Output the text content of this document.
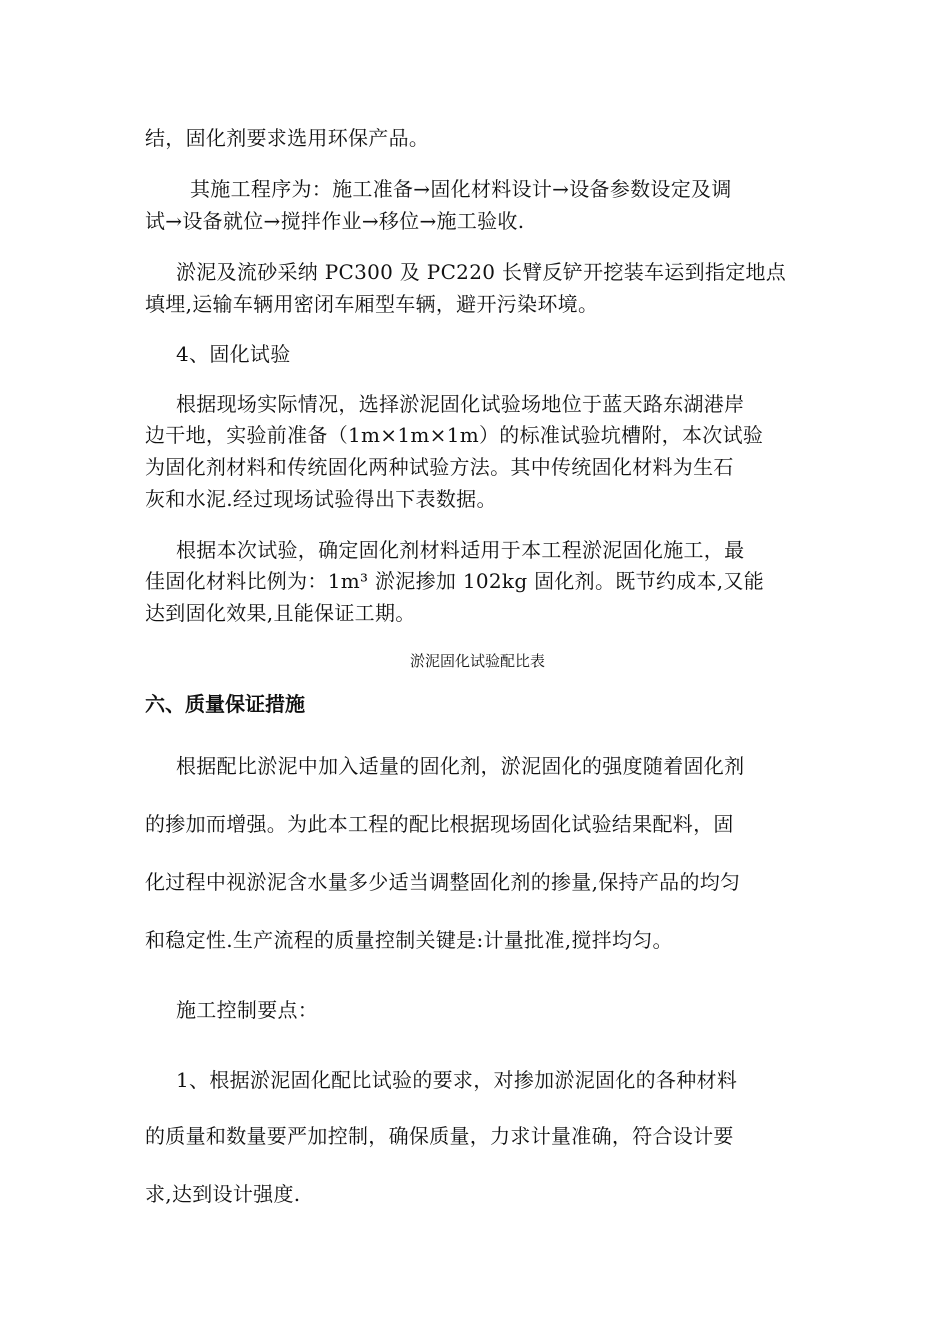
结，固化剂要求选用环保产品。
其施工程序为：施工准备→固化材料设计→设备参数设定及调
试→设备就位→搅拌作业→移位→施工验收.
淤泥及流砂采纳 PC300 及 PC220 长臂反铲开挖装车运到指定地点
填埋,运输车辆用密闭车厢型车辆，避开污染环境。
4、固化试验
根据现场实际情况，选择淤泥固化试验场地位于蓝天路东湖港岸
边干地，实验前准备（1m×1m×1m）的标准试验坑槽附，本次试验
为固化剂材料和传统固化两种试验方法。其中传统固化材料为生石
灰和水泥.经过现场试验得出下表数据。
根据本次试验，确定固化剂材料适用于本工程淤泥固化施工，最
佳固化材料比例为：1m³ 淤泥掺加 102kg 固化剂。既节约成本,又能
达到固化效果,且能保证工期。
淤泥固化试验配比表
六、质量保证措施
根据配比淤泥中加入适量的固化剂，淤泥固化的强度随着固化剂
的掺加而增强。为此本工程的配比根据现场固化试验结果配料，固
化过程中视淤泥含水量多少适当调整固化剂的掺量,保持产品的均匀
和稳定性.生产流程的质量控制关键是:计量批准,搅拌均匀。
施工控制要点：
1、根据淤泥固化配比试验的要求，对掺加淤泥固化的各种材料
的质量和数量要严加控制，确保质量，力求计量准确，符合设计要
求,达到设计强度.
